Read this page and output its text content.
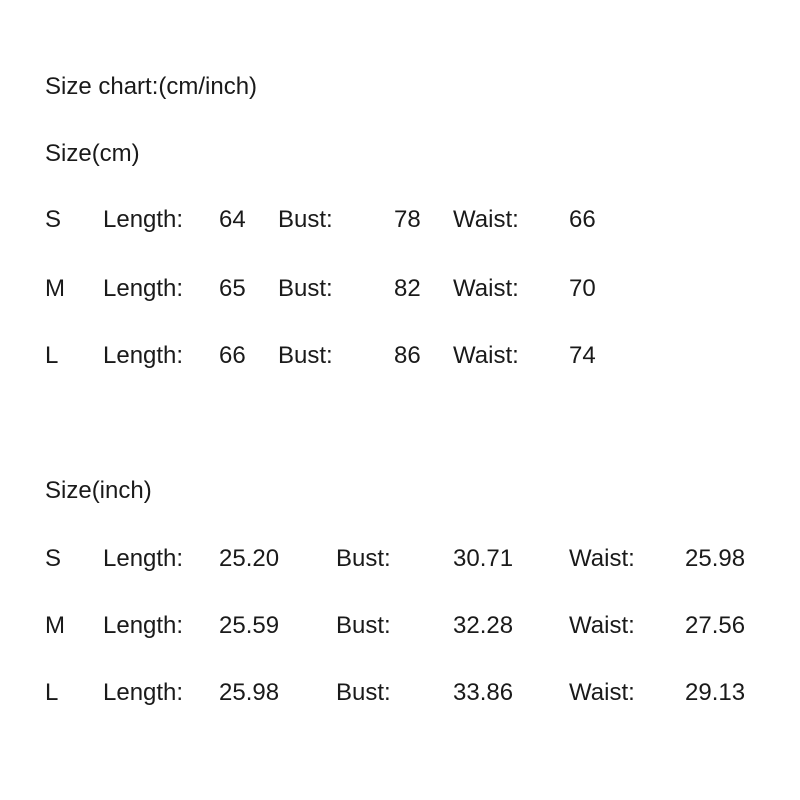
Size chart:(cm/inch)
Size(cm)
S Length: 64 Bust:	78 Waist: 66
M Length: 65 Bust:	82 Waist: 70
L Length: 66 Bust:	86 Waist: 74
Size(inch)
S Length: 25.20 Bust:	30.71 Waist: 25.98
M Length: 25.59 Bust:	32.28 Waist: 27.56
L Length: 25.98 Bust:	33.86 Waist: 29.13
